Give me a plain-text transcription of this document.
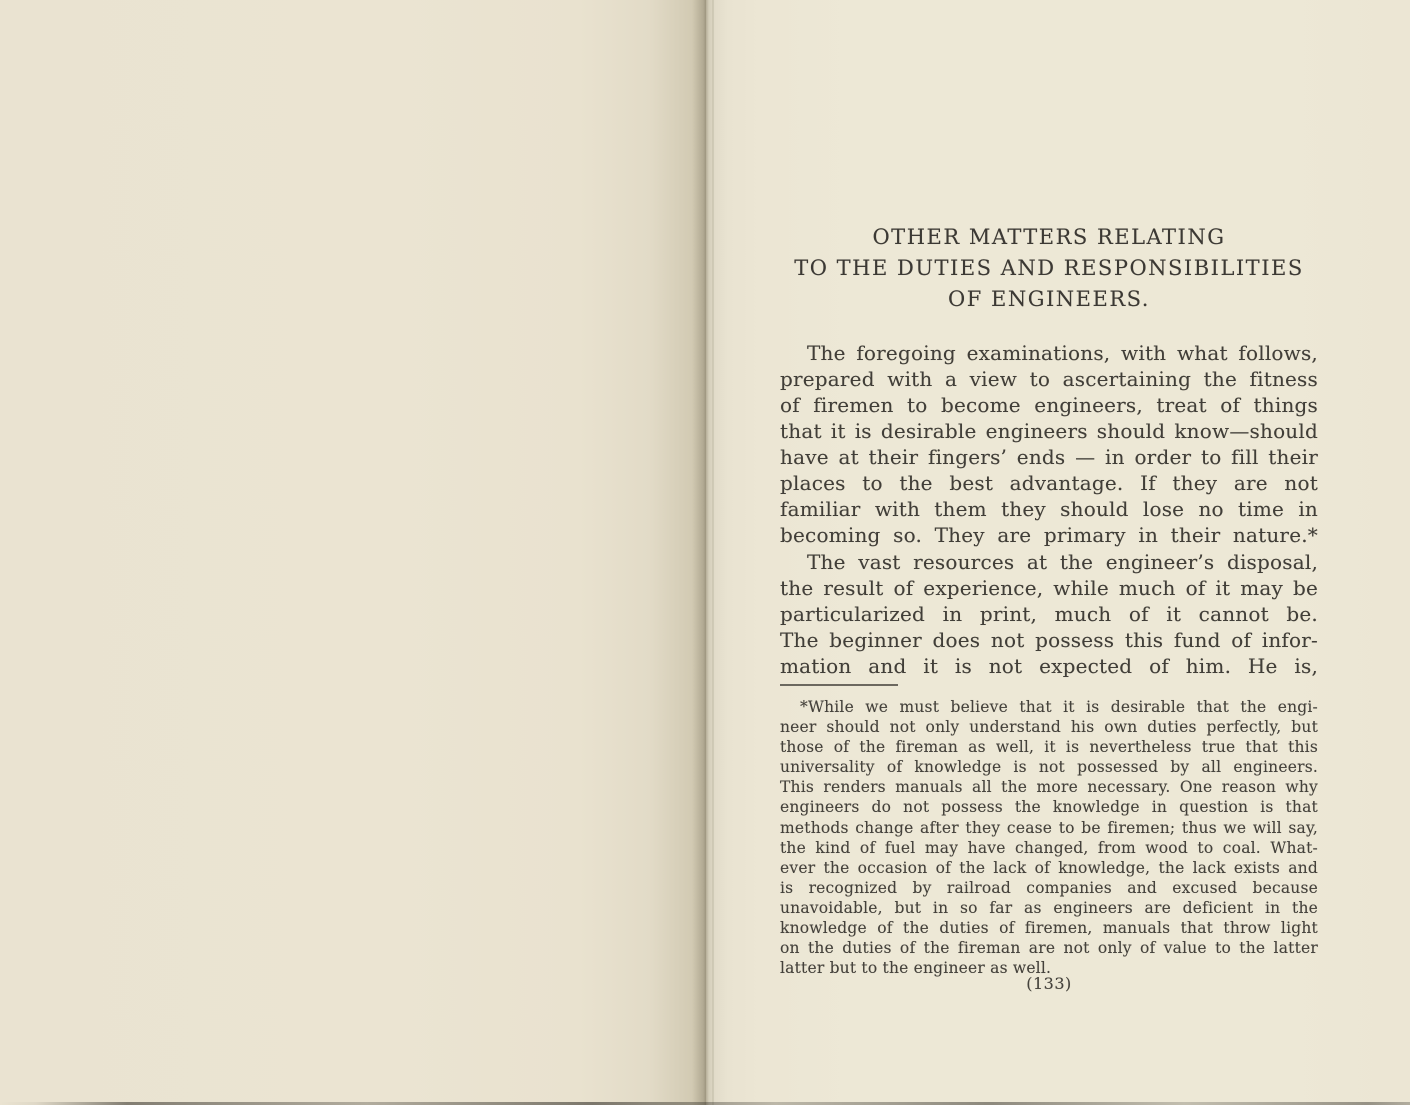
OTHER MATTERS RELATING
TO THE DUTIES AND RESPONSIBILITIES
OF ENGINEERS.
The foregoing examinations, with what follows,
prepared with a view to ascertaining the fitness
of firemen to become engineers, treat of things
that it is desirable engineers should know—should
have at their fingers’ ends — in order to fill their
places to the best advantage. If they are not
familiar with them they should lose no time in
becoming so. They are primary in their nature.*
The vast resources at the engineer’s disposal,
the result of experience, while much of it may be
particularized in print, much of it cannot be.
The beginner does not possess this fund of infor-
mation and it is not expected of him. He is,
*While we must believe that it is desirable that the engi-
neer should not only understand his own duties perfectly, but
those of the fireman as well, it is nevertheless true that this
universality of knowledge is not possessed by all engineers.
This renders manuals all the more necessary. One reason why
engineers do not possess the knowledge in question is that
methods change after they cease to be firemen; thus we will say,
the kind of fuel may have changed, from wood to coal. What-
ever the occasion of the lack of knowledge, the lack exists and
is recognized by railroad companies and excused because
unavoidable, but in so far as engineers are deficient in the
knowledge of the duties of firemen, manuals that throw light
on the duties of the fireman are not only of value to the latter
latter but to the engineer as well.
(133)
